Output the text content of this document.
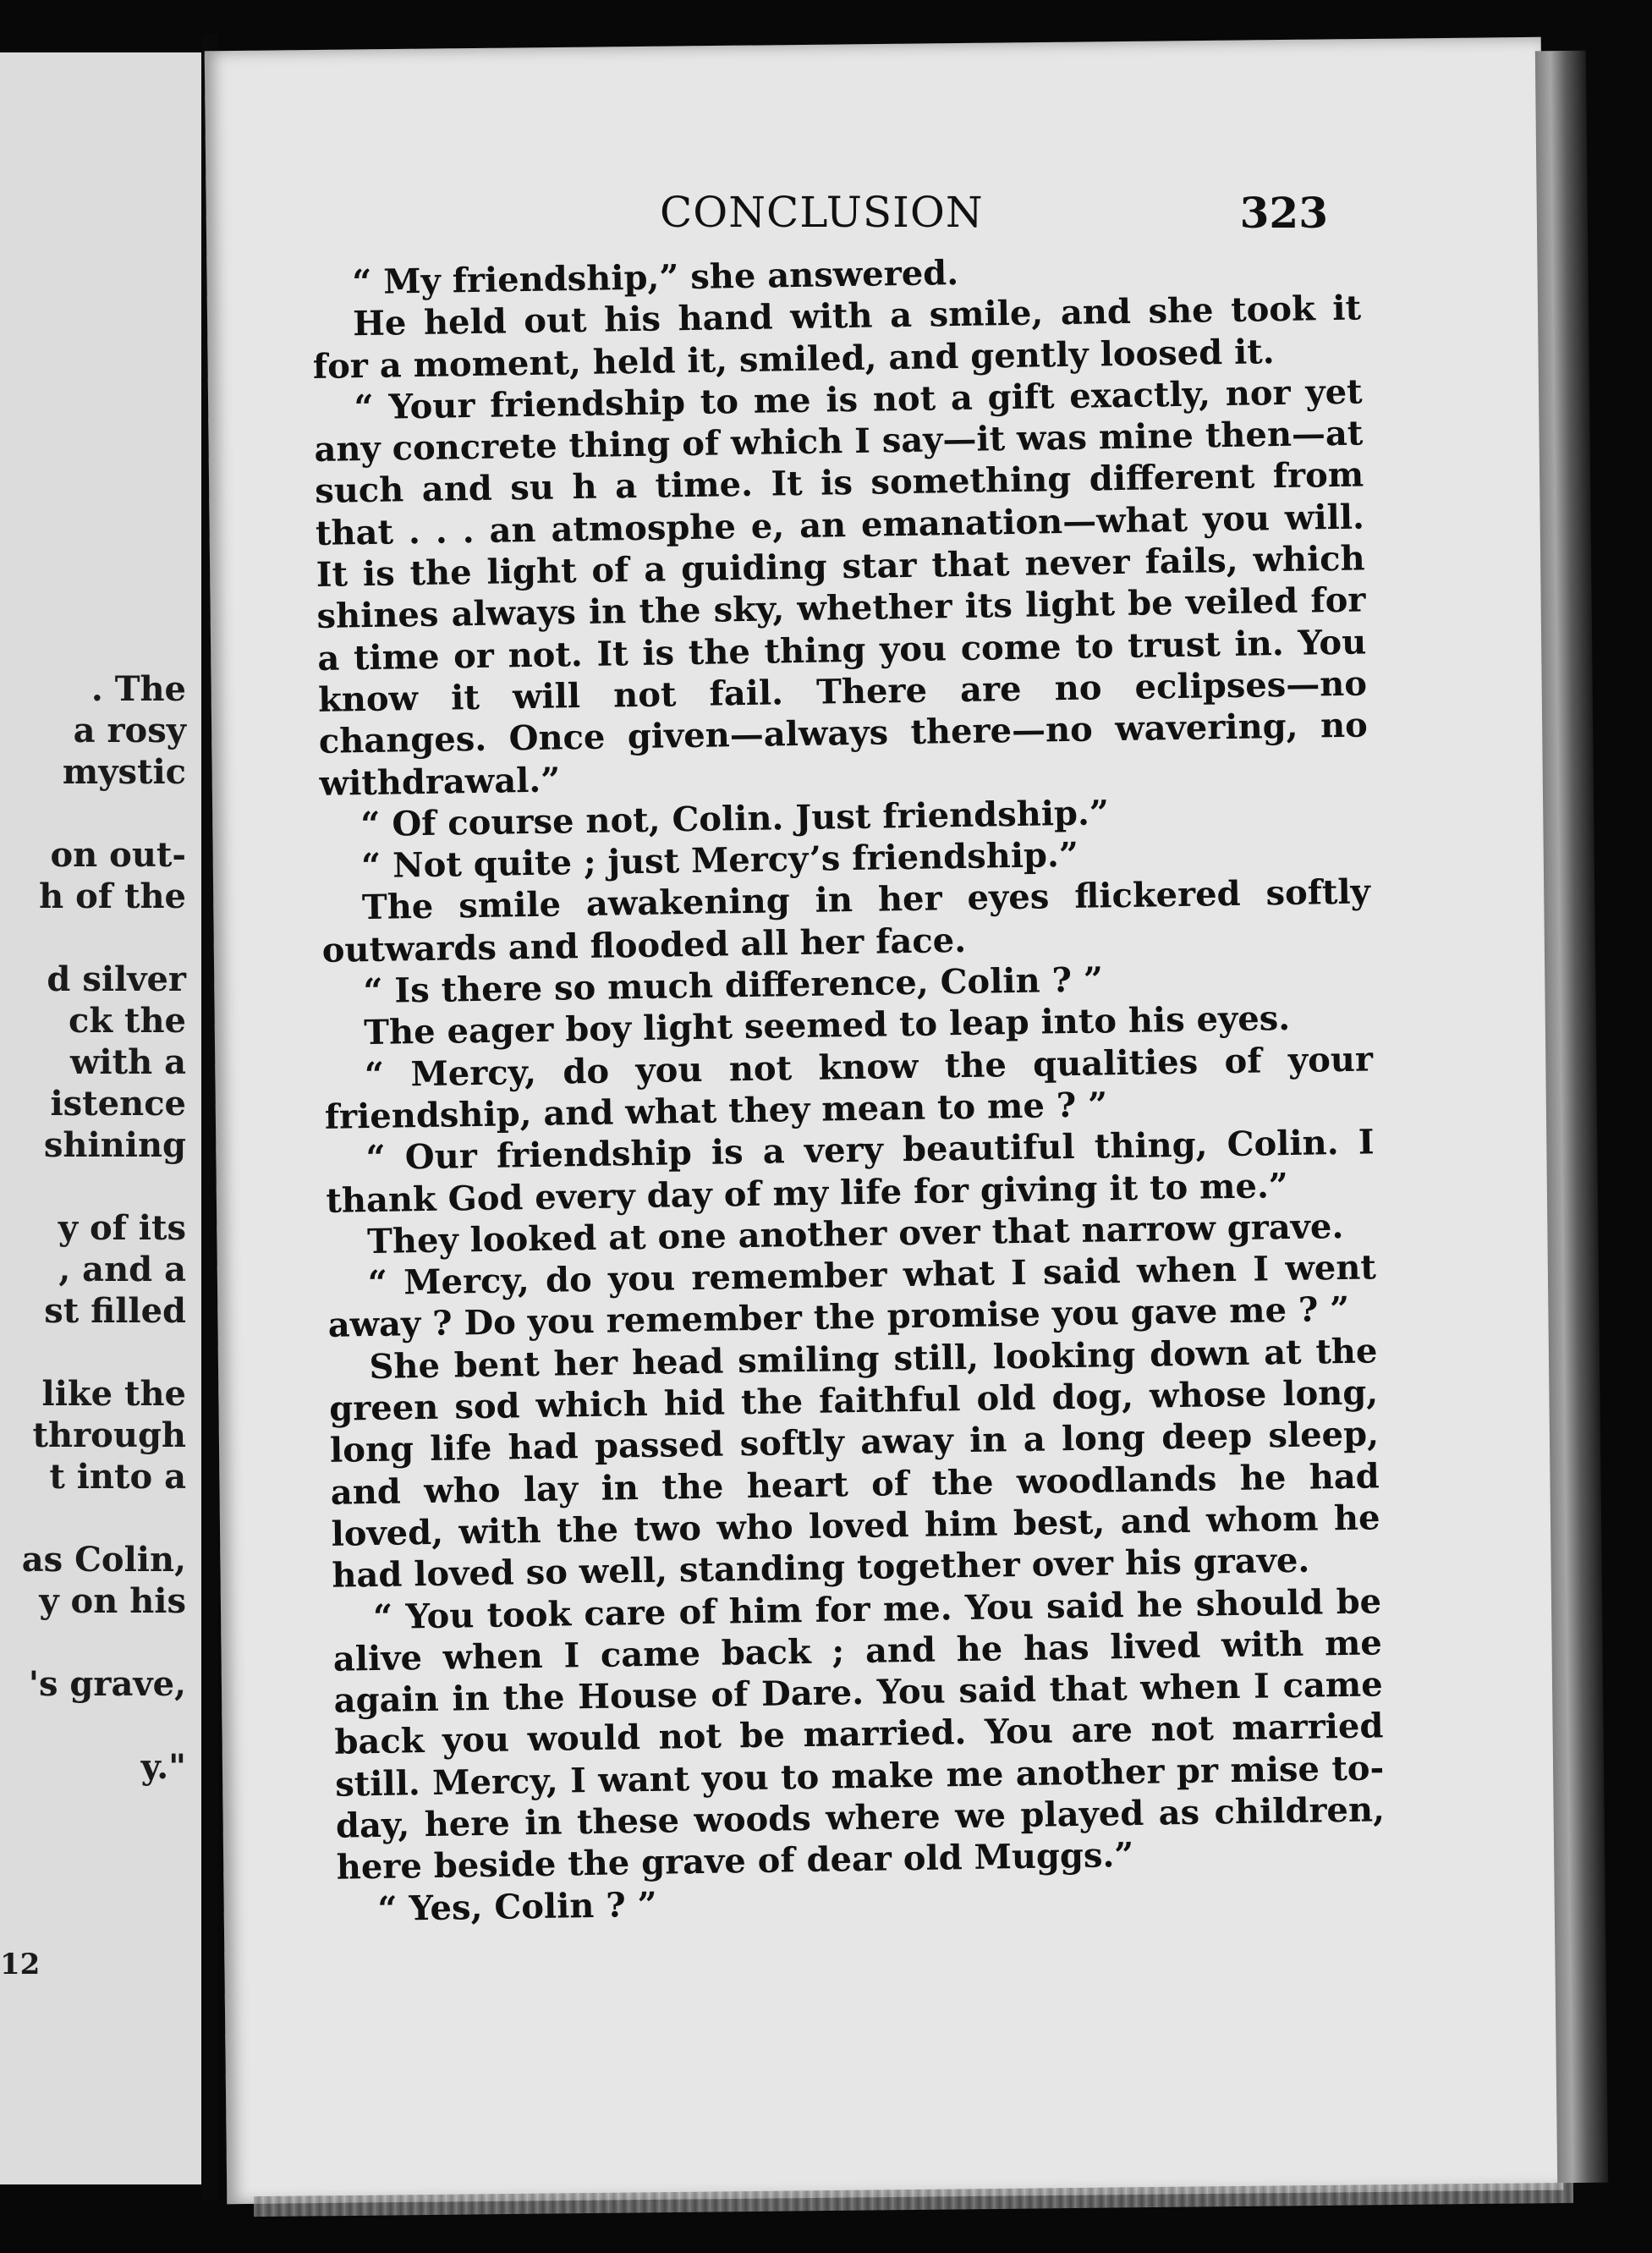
. The
a rosy
mystic
on out-
h of the
d silver
ck the
with a
istence
shining
y of its
, and a
st filled
like the
through
t into a
as Colin,
y on his
's grave,
y."
12
CONCLUSION	323

“ My friendship,” she answered.

He held out his hand with a smile, and she took it for a moment, held it, smiled, and gently loosed it.

“ Your friendship to me is not a gift exactly, nor yet any concrete thing of which I say—it was mine then—at such and su h a time. It is something different from that . . . an atmosphe e, an emanation—what you will. It is the light of a guiding star that never fails, which shines always in the sky, whether its light be veiled for a time or not. It is the thing you come to trust in. You know it will not fail. There are no eclipses—no changes. Once given—always there—no wavering, no withdrawal.”

“ Of course not, Colin. Just friendship.”

“ Not quite ; just Mercy’s friendship.”

The smile awakening in her eyes flickered softly outwards and flooded all her face.

“ Is there so much difference, Colin ? ”

The eager boy light seemed to leap into his eyes.

“ Mercy, do you not know the qualities of your friendship, and what they mean to me ? ”

“ Our friendship is a very beautiful thing, Colin. I thank God every day of my life for giving it to me.”

They looked at one another over that narrow grave.

“ Mercy, do you remember what I said when I went away ? Do you remember the promise you gave me ? ”

She bent her head smiling still, looking down at the green sod which hid the faithful old dog, whose long, long life had passed softly away in a long deep sleep, and who lay in the heart of the woodlands he had loved, with the two who loved him best, and whom he had loved so well, standing together over his grave.

“ You took care of him for me. You said he should be alive when I came back ; and he has lived with me again in the House of Dare. You said that when I came back you would not be married. You are not married still. Mercy, I want you to make me another pr mise to-day, here in these woods where we played as children, here beside the grave of dear old Muggs.”

“ Yes, Colin ? ”
